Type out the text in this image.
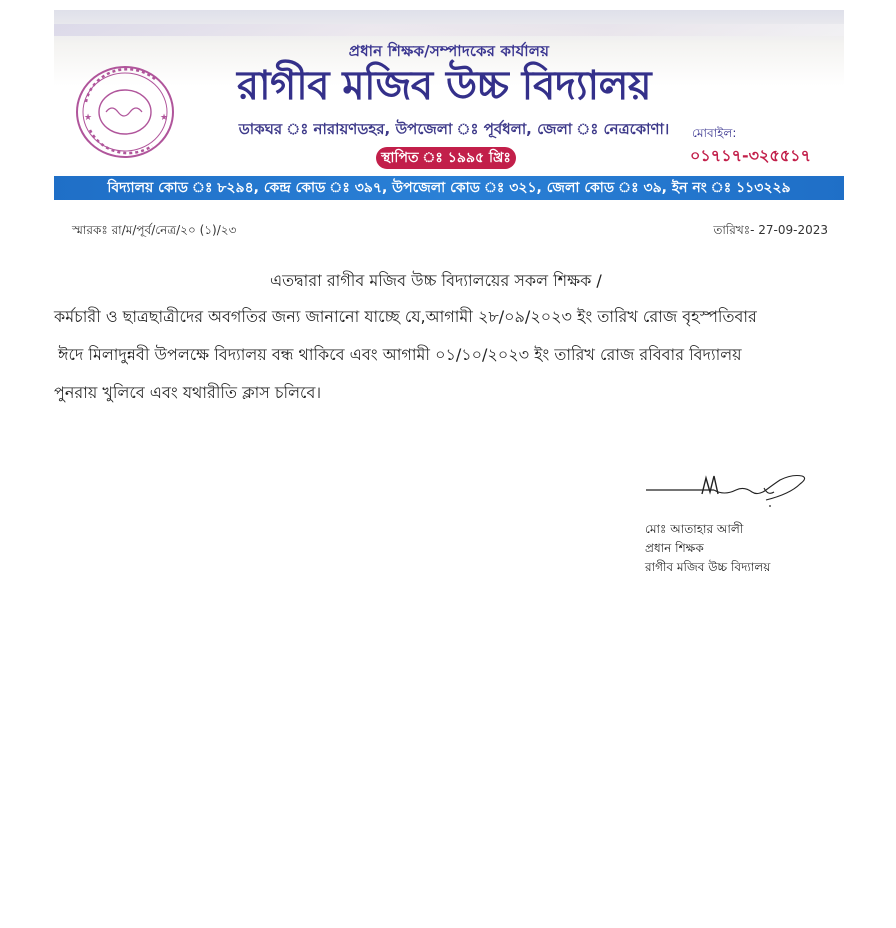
প্রধান শিক্ষক/সম্পাদকের কার্যালয়
★	★
রাগীব মজিব উচ্চ বিদ্যালয়
ডাকঘর ঃ নারায়ণডহর, উপজেলা ঃ পূর্বধলা, জেলা ঃ নেত্রকোণা।
স্থাপিত ঃ ১৯৯৫ খ্রিঃ
মোবাইল:
০১৭১৭-৩২৫৫১৭
বিদ্যালয় কোড ঃ ৮২৯৪, কেন্দ্র কোড ঃ ৩৯৭, উপজেলা কোড ঃ ৩২১, জেলা কোড ঃ ৩৯, ইন নং ঃ ১১৩২২৯
স্মারকঃ রা/ম/পূর্ব/নেত্র/২০ (১)/২৩	তারিখঃ- 27-09-2023
এতদ্বারা রাগীব মজিব উচ্চ বিদ্যালয়ের সকল শিক্ষক /
কর্মচারী ও ছাত্রছাত্রীদের অবগতির জন্য জানানো যাচ্ছে যে,আগামী ২৮/০৯/২০২৩ ইং তারিখ রোজ বৃহস্পতিবার
ঈদে মিলাদুন্নবী উপলক্ষে বিদ্যালয় বন্ধ থাকিবে এবং আগামী ০১/১০/২০২৩ ইং তারিখ রোজ রবিবার বিদ্যালয়
পুনরায় খুলিবে এবং যথারীতি ক্লাস চলিবে।
মোঃ আতাহার আলী
প্রধান শিক্ষক
রাগীব মজিব উচ্চ বিদ্যালয়
